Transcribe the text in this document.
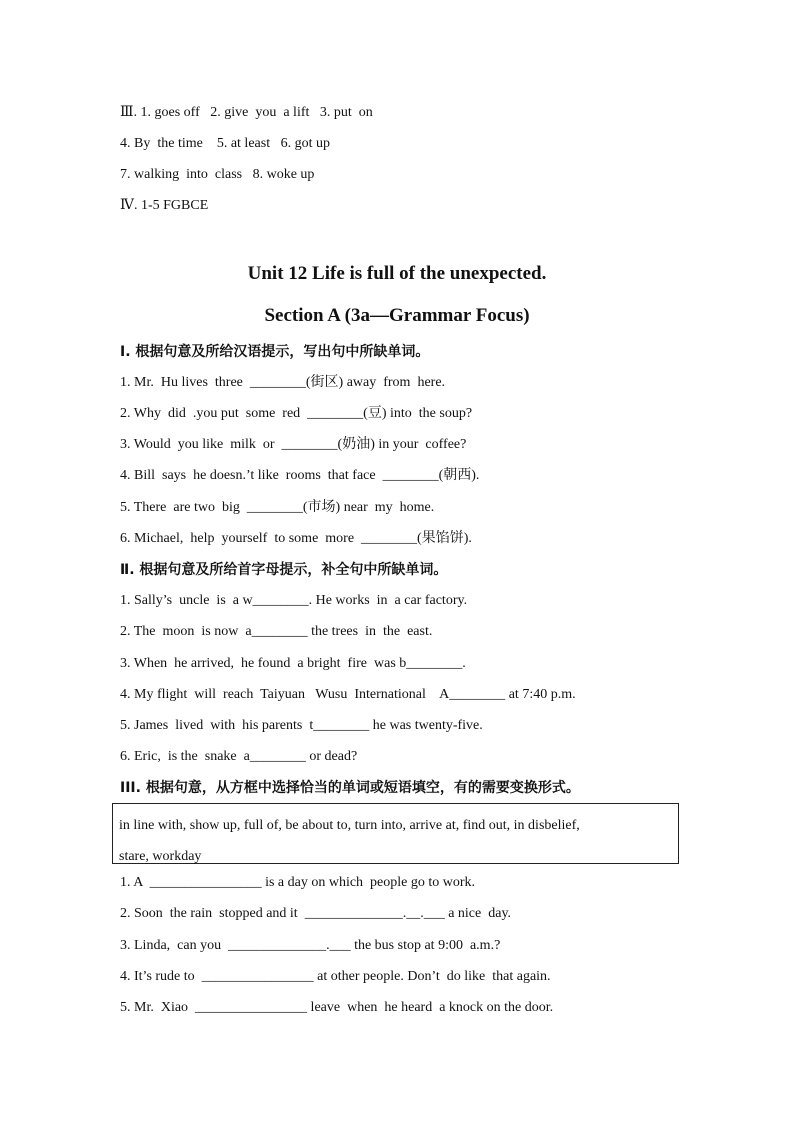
Ⅲ. 1. goes off   2. give  you  a lift   3. put  on
4. By  the time    5. at least   6. got up
7. walking  into  class   8. woke up
Ⅳ. 1-5 FGBCE
Unit 12 Life is full of the unexpected.
Section A (3a—Grammar Focus)
Ⅰ. 根据句意及所给汉语提示，写出句中所缺单词。
1. Mr.  Hu lives  three  ________(街区) away  from  here.
2. Why  did  .you put  some  red  ________(豆) into  the soup?
3. Would  you like  milk  or  ________(奶油) in your  coffee?
4. Bill  says  he doesn.’t like  rooms  that face  ________(朝西).
5. There  are two  big  ________(市场) near  my  home.
6. Michael,  help  yourself  to some  more  ________(果馅饼).
Ⅱ. 根据句意及所给首字母提示，补全句中所缺单词。
1. Sally’s  uncle  is  a w________. He works  in  a car factory.
2. The  moon  is now  a________ the trees  in  the  east.
3. When  he arrived,  he found  a bright  fire  was b________.
4. My flight  will  reach  Taiyuan   Wusu  International    A________ at 7:40 p.m.
5. James  lived  with  his parents  t________ he was twenty-five.
6. Eric,  is the  snake  a________ or dead?
III. 根据句意，从方框中选择恰当的单词或短语填空，有的需要变换形式。
in line with, show up, full of, be about to, turn into, arrive at, find out, in disbelief,
stare, workday
1. A  ________________ is a day on which  people go to work.
2. Soon  the rain  stopped and it  ______________.__.___ a nice  day.
3. Linda,  can you  ______________.___ the bus stop at 9:00  a.m.?
4. It’s rude to  ________________ at other people. Don’t  do like  that again.
5. Mr.  Xiao  ________________ leave  when  he heard  a knock on the door.
